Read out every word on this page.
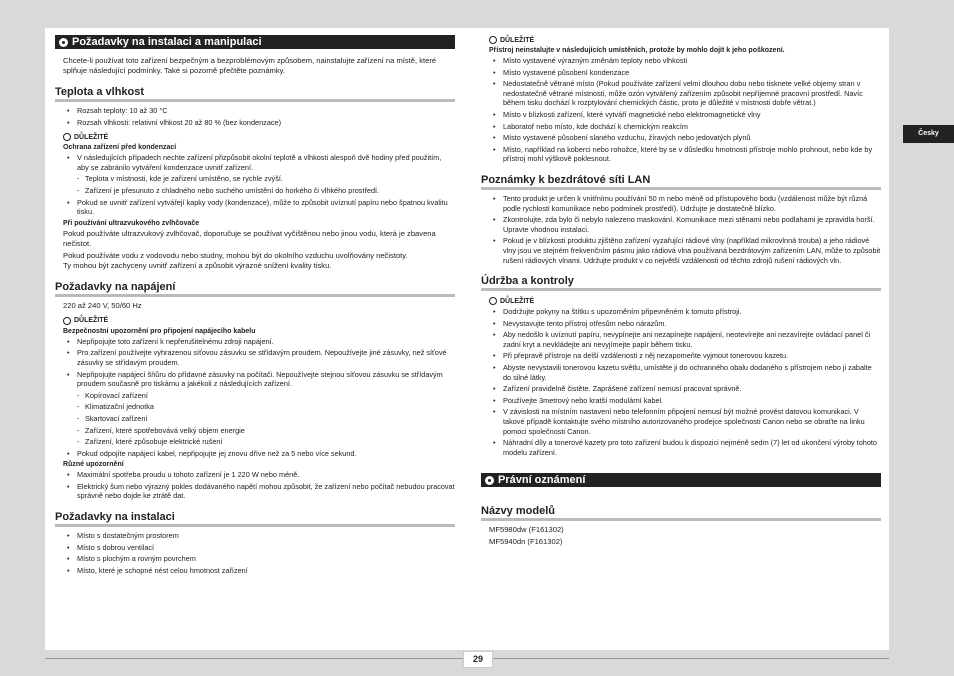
Požadavky na instalaci a manipulaci
Chcete-li používat toto zařízení bezpečným a bezproblémovým způsobem, nainstalujte zařízení na místě, které splňuje následující podmínky. Také si pozorně přečtěte poznámky.
Teplota a vlhkost
• Rozsah teploty: 10 až 30 °C
• Rozsah vlhkosti: relativní vlhkost 20 až 80 % (bez kondenzace)
DŮLEŽITÉ
Ochrana zařízení před kondenzací
• V následujících případech nechte zařízení přizpůsobit okolní teplotě a vlhkosti alespoň dvě hodiny před použitím, aby se zabránilo vytváření kondenzace uvnitř zařízení.
- Teplota v místnosti, kde je zařízení umístěno, se rychle zvýší.
- Zařízení je přesunuto z chladného nebo suchého umístění do horkého či vlhkého prostředí.
• Pokud se uvnitř zařízení vytvářejí kapky vody (kondenzace), může to způsobit uvíznutí papíru nebo špatnou kvalitu tisku.
Při používání ultrazvukového zvlhčovače
Pokud používáte ultrazvukový zvlhčovač, doporučuje se používat vyčištěnou nebo jinou vodu, která je zbavena nečistot.
Pokud používáte vodu z vodovodu nebo studny, mohou být do okolního vzduchu uvolňovány nečistoty.
Ty mohou být zachyceny uvnitř zařízení a způsobit výrazné snížení kvality tisku.
Požadavky na napájení
220 až 240 V, 50/60 Hz
DŮLEŽITÉ
Bezpečnostní upozornění pro připojení napájecího kabelu
• Nepřipojujte toto zařízení k nepřerušitelnému zdroji napájení.
• Pro zařízení používejte vyhrazenou síťovou zásuvku se střídavým proudem. Nepoužívejte jiné zásuvky, než síťové zásuvky se střídavým proudem.
• Nepřipojujte napájecí šňůru do přídavné zásuvky na počítači. Nepoužívejte stejnou síťovou zásuvku se střídavým proudem současně pro tiskárnu a jakékoli z následujících zařízení.
- Kopírovací zařízení
- Klimatizační jednotka
- Skartovací zařízení
- Zařízení, které spotřebovává velký objem energie
- Zařízení, které způsobuje elektrické rušení
• Pokud odpojíte napájecí kabel, nepřipojujte jej znovu dříve než za 5 nebo více sekund.
Různé upozornění
• Maximální spotřeba proudu u tohoto zařízení je 1 220 W nebo méně.
• Elektrický šum nebo výrazný pokles dodávaného napětí mohou způsobit, že zařízení nebo počítač nebudou pracovat správně nebo dojde ke ztrátě dat.
Požadavky na instalaci
• Místo s dostatečným prostorem
• Místo s dobrou ventilací
• Místo s plochým a rovným povrchem
• Místo, které je schopné nést celou hmotnost zařízení
DŮLEŽITÉ
Přístroj neinstalujte v následujících umístěních, protože by mohlo dojít k jeho poškození.
• Místo vystavené výrazným změnám teploty nebo vlhkosti
• Místo vystavené působení kondenzace
• Nedostatečně větrané místo (Pokud používáte zařízení velmi dlouhou dobu nebo tisknete velké objemy stran v nedostatečně větrané místnosti, může ozón vytvářený zařízením způsobit nepříjemné pracovní prostředí. Navíc během tisku dochází k rozptylování chemických částic, proto je důležité v místnosti dobře větrat.)
• Místo v blízkosti zařízení, které vytváří magnetické nebo elektromagnetické vlny
• Laboratoř nebo místo, kde dochází k chemickým reakcím
• Místo vystavené působení slaného vzduchu, žíravých nebo jedovatých plynů
• Místo, například na koberci nebo rohožce, které by se v důsledku hmotnosti přístroje mohlo prohnout, nebo kde by přístroj mohl výškově poklesnout.
Poznámky k bezdrátové síti LAN
• Tento produkt je určen k vnitřnímu používání 50 m nebo méně od přístupového bodu (vzdálenost může být různá podle rychlosti komunikace nebo podmínek prostředí). Udržujte je dostatečně blízko.
• Zkontrolujte, zda bylo či nebylo nalezeno maskování. Komunikace mezi stěnami nebo podlahami je zpravidla horší. Upravte vhodnou instalaci.
• Pokud je v blízkosti produktu zjištěno zařízení vyzařující rádiové vlny (například mikrovlnná trouba) a jeho rádiové vlny jsou ve stejném frekvenčním pásmu jako rádiová vlna používaná bezdrátovým zařízením LAN, může to způsobit rušení rádiových vlnami. Udržujte produkt v co největší vzdálenosti od těchto zdrojů rušení rádiových vln.
Údržba a kontroly
DŮLEŽITÉ
• Dodržujte pokyny na štítku s upozorněním připevněném k tomuto přístroji.
• Nevystavujte tento přístroj otřesům nebo nárazům.
• Aby nedošlo k uvíznutí papíru, nevypínejte ani nezapínejte napájení, neotevírejte ani nezavírejte ovládací panel či zadní kryt a nevkládejte ani nevyjímejte papír během tisku.
• Při přepravě přístroje na delší vzdálenosti z něj nezapomeňte vyjmout tonerovou kazetu.
• Abyste nevystavili tonerovou kazetu světlu, umístěte ji do ochranného obalu dodaného s přístrojem nebo ji zabalte do silné látky.
• Zařízení pravidelně čistěte. Zaprášené zařízení nemusí pracovat správně.
• Používejte 3metrový nebo kratší modulární kabel.
• V závislosti na místním nastavení nebo telefonním připojení nemusí být možné provést datovou komunikaci. V takové případě kontaktujte svého místního autorizovaného prodejce společnosti Canon nebo se obraťte na linku pomoci společnosti Canon.
• Náhradní díly a tonerové kazety pro toto zařízení budou k dispozici nejméně sedm (7) let od ukončení výroby tohoto modelu zařízení.
Právní oznámení
Názvy modelů
MF5980dw (F161302)
MF5940dn (F161302)
Česky
29
